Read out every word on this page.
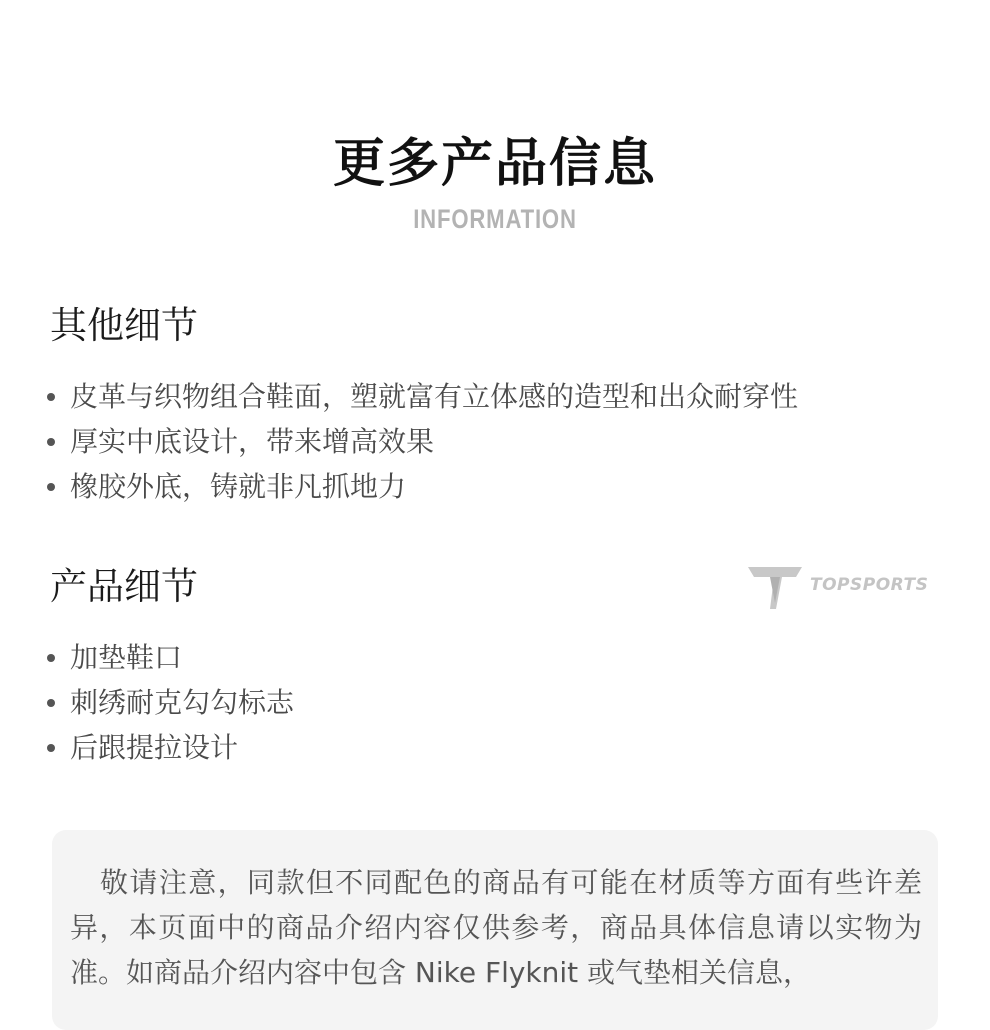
更多产品信息
INFORMATION
其他细节
皮革与织物组合鞋面，塑就富有立体感的造型和出众耐穿性
厚实中底设计，带来增高效果
橡胶外底，铸就非凡抓地力
产品细节
加垫鞋口
刺绣耐克勾勾标志
后跟提拉设计
TOPSPORTS

敬请注意，同款但不同配色的商品有可能在材质等方面有些许差异，本页面中的商品介绍内容仅供参考，商品具体信息请以实物为准。如商品介绍内容中包含 Nike Flyknit 或气垫相关信息，
